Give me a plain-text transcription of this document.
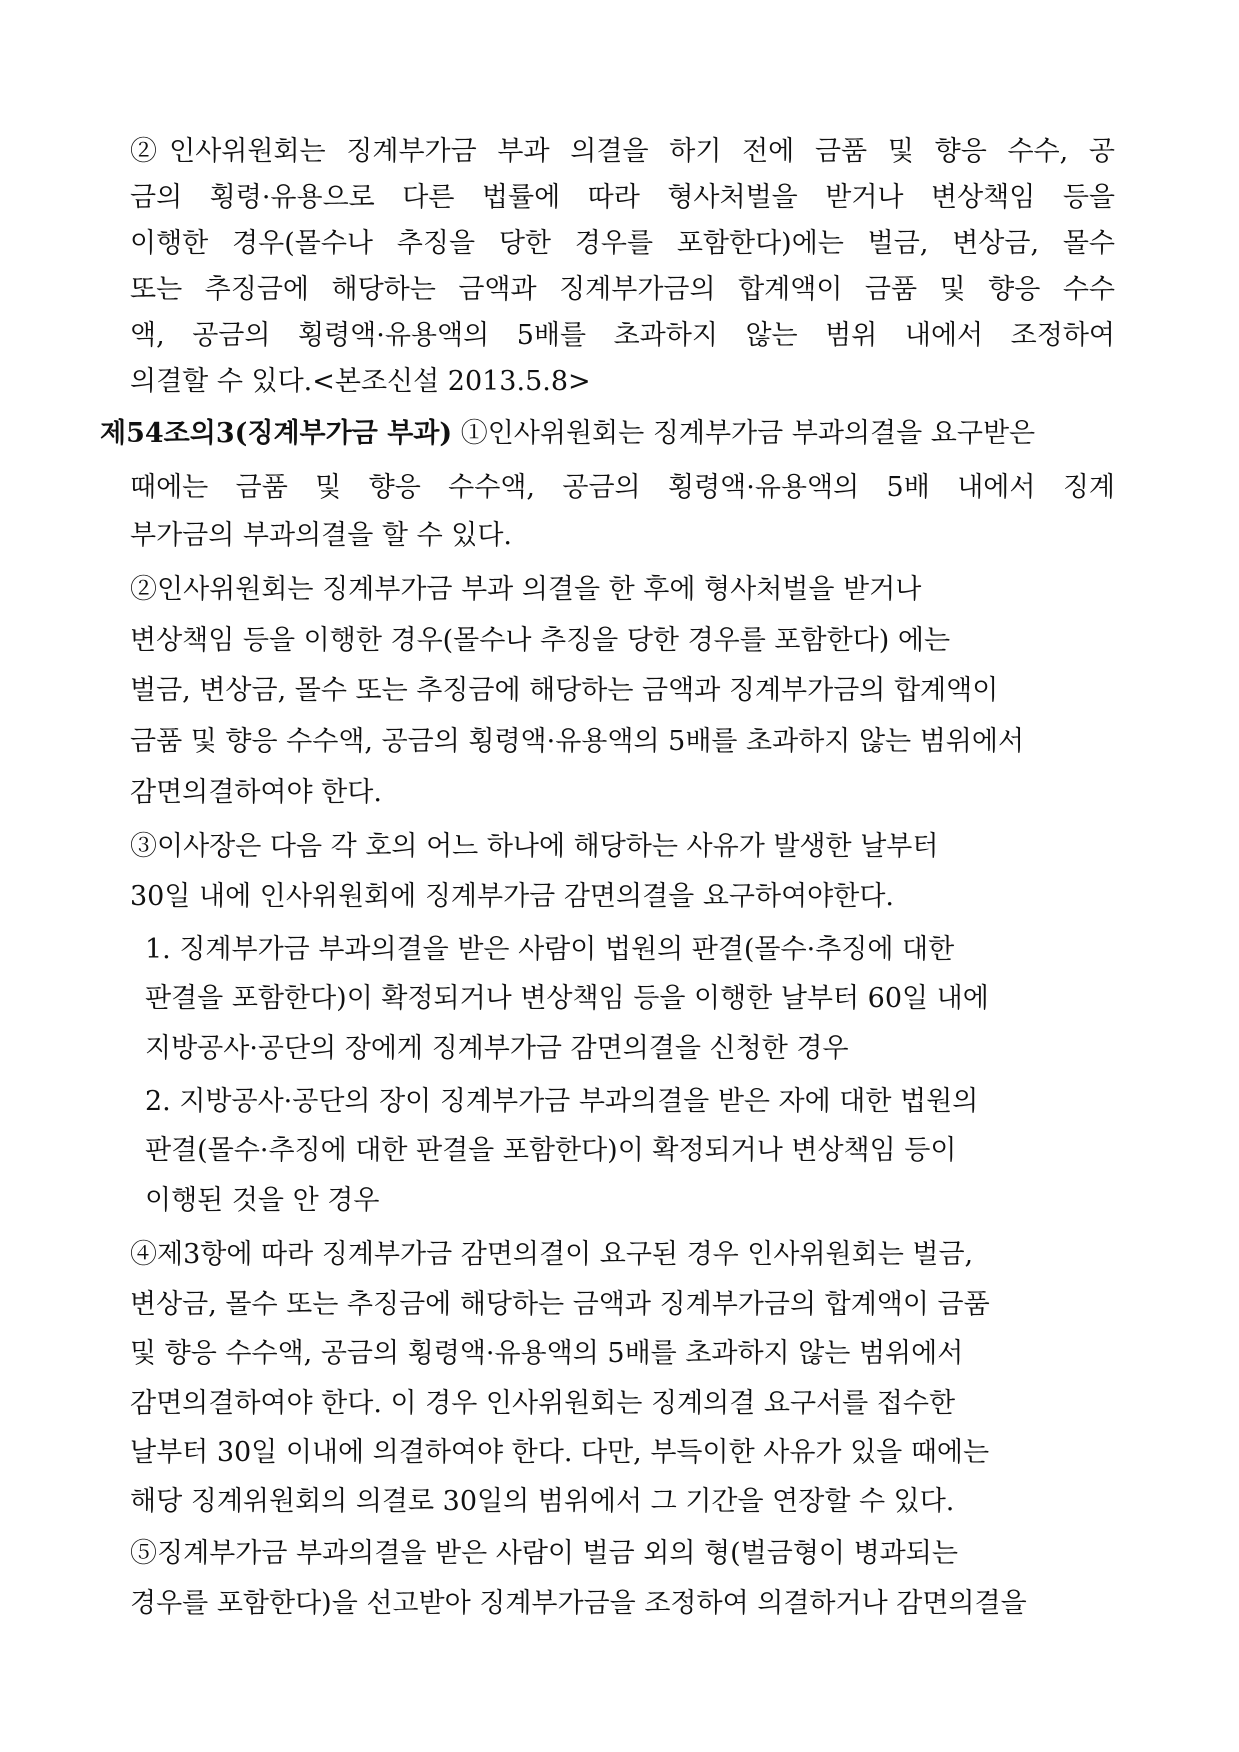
②인사위원회는 징계부가금 부과 의결을 하기 전에 금품 및 향응 수수, 공
금의 횡령·유용으로 다른 법률에 따라 형사처벌을 받거나 변상책임 등을
이행한 경우(몰수나 추징을 당한 경우를 포함한다)에는 벌금, 변상금, 몰수
또는 추징금에 해당하는 금액과 징계부가금의 합계액이 금품 및 향응 수수
액, 공금의 횡령액·유용액의 5배를 초과하지 않는 범위 내에서 조정하여
의결할 수 있다.<본조신설 2013.5.8>
제54조의3(징계부가금 부과) ①인사위원회는 징계부가금 부과의결을 요구받은
때에는 금품 및 향응 수수액, 공금의 횡령액·유용액의 5배 내에서 징계
부가금의 부과의결을 할 수 있다.
②인사위원회는 징계부가금 부과 의결을 한 후에 형사처벌을 받거나
변상책임 등을 이행한 경우(몰수나 추징을 당한 경우를 포함한다) 에는
벌금, 변상금, 몰수 또는 추징금에 해당하는 금액과 징계부가금의 합계액이
금품 및 향응 수수액, 공금의 횡령액·유용액의 5배를 초과하지 않는 범위에서
감면의결하여야 한다.
③이사장은 다음 각 호의 어느 하나에 해당하는 사유가 발생한 날부터
30일 내에 인사위원회에 징계부가금 감면의결을 요구하여야한다.
1. 징계부가금 부과의결을 받은 사람이 법원의 판결(몰수·추징에 대한
판결을 포함한다)이 확정되거나 변상책임 등을 이행한 날부터 60일 내에
지방공사·공단의 장에게 징계부가금 감면의결을 신청한 경우
2. 지방공사·공단의 장이 징계부가금 부과의결을 받은 자에 대한 법원의
판결(몰수·추징에 대한 판결을 포함한다)이 확정되거나 변상책임 등이
이행된 것을 안 경우
④제3항에 따라 징계부가금 감면의결이 요구된 경우 인사위원회는 벌금,
변상금, 몰수 또는 추징금에 해당하는 금액과 징계부가금의 합계액이 금품
및 향응 수수액, 공금의 횡령액·유용액의 5배를 초과하지 않는 범위에서
감면의결하여야 한다. 이 경우 인사위원회는 징계의결 요구서를 접수한
날부터 30일 이내에 의결하여야 한다. 다만, 부득이한 사유가 있을 때에는
해당 징계위원회의 의결로 30일의 범위에서 그 기간을 연장할 수 있다.
⑤징계부가금 부과의결을 받은 사람이 벌금 외의 형(벌금형이 병과되는
경우를 포함한다)을 선고받아 징계부가금을 조정하여 의결하거나 감면의결을
